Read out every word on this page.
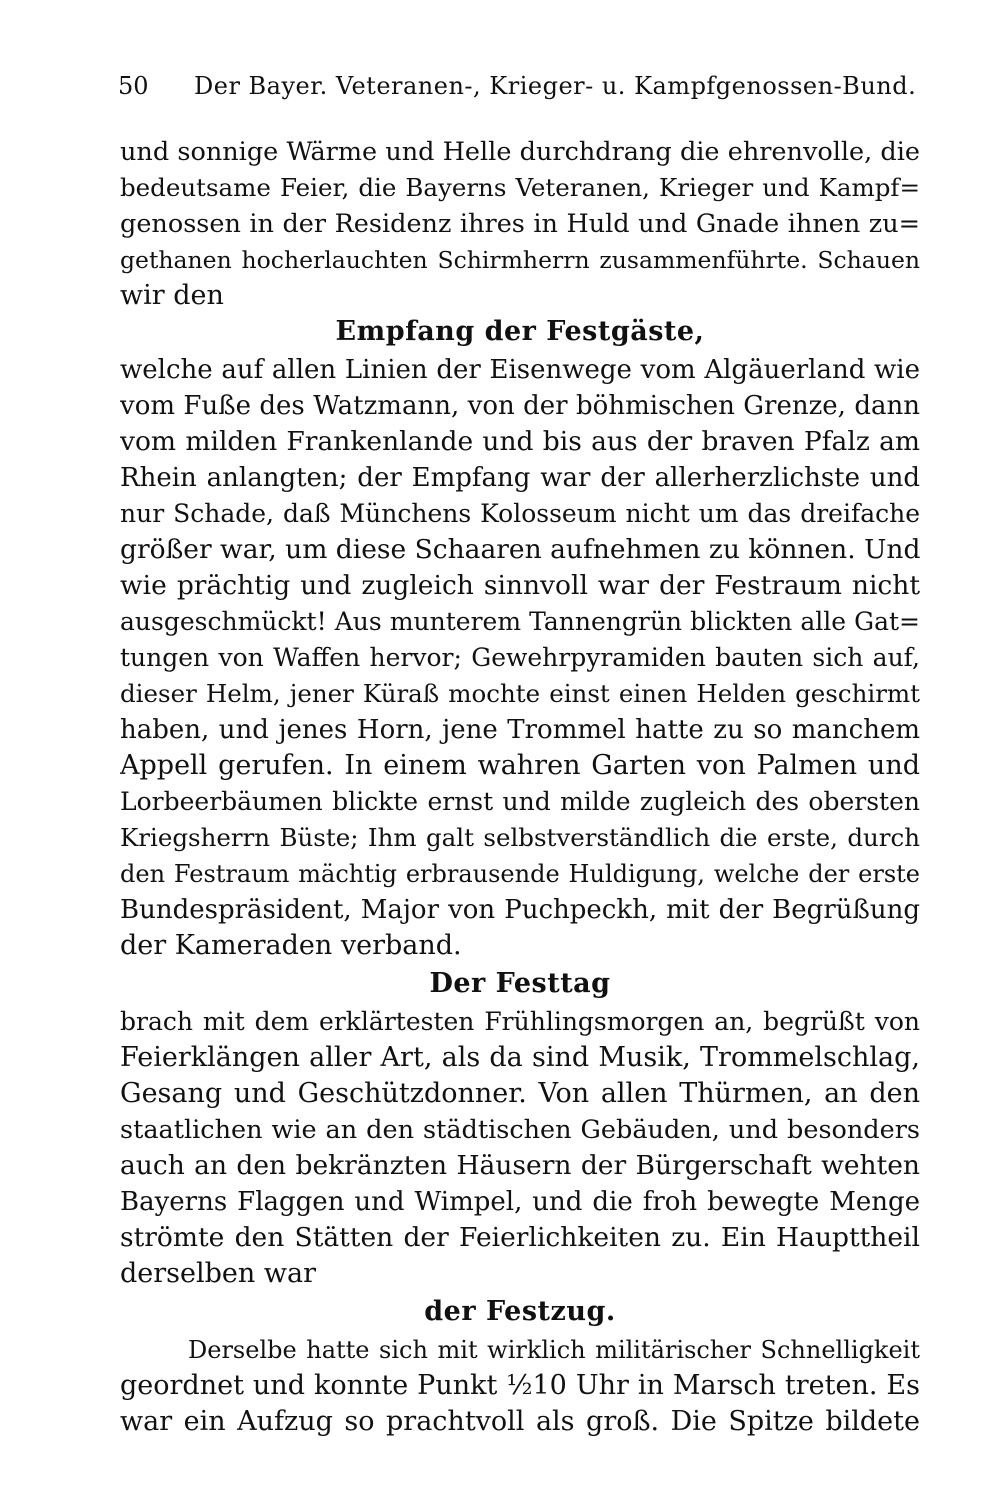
50 Der Bayer. Veteranen-, Krieger- u. Kampfgenossen-Bund.
und sonnige Wärme und Helle durchdrang die ehrenvolle, die
bedeutsame Feier, die Bayerns Veteranen, Krieger und Kampf=
genossen in der Residenz ihres in Huld und Gnade ihnen zu=
gethanen hocherlauchten Schirmherrn zusammenführte. Schauen
wir den
Empfang der Festgäste,
welche auf allen Linien der Eisenwege vom Algäuerland wie
vom Fuße des Watzmann, von der böhmischen Grenze, dann
vom milden Frankenlande und bis aus der braven Pfalz am
Rhein anlangten; der Empfang war der allerherzlichste und
nur Schade, daß Münchens Kolosseum nicht um das dreifache
größer war, um diese Schaaren aufnehmen zu können. Und
wie prächtig und zugleich sinnvoll war der Festraum nicht
ausgeschmückt! Aus munterem Tannengrün blickten alle Gat=
tungen von Waffen hervor; Gewehrpyramiden bauten sich auf,
dieser Helm, jener Küraß mochte einst einen Helden geschirmt
haben, und jenes Horn, jene Trommel hatte zu so manchem
Appell gerufen. In einem wahren Garten von Palmen und
Lorbeerbäumen blickte ernst und milde zugleich des obersten
Kriegsherrn Büste; Ihm galt selbstverständlich die erste, durch
den Festraum mächtig erbrausende Huldigung, welche der erste
Bundespräsident, Major von Puchpeckh, mit der Begrüßung
der Kameraden verband.
Der Festtag
brach mit dem erklärtesten Frühlingsmorgen an, begrüßt von
Feierklängen aller Art, als da sind Musik, Trommelschlag,
Gesang und Geschützdonner. Von allen Thürmen, an den
staatlichen wie an den städtischen Gebäuden, und besonders
auch an den bekränzten Häusern der Bürgerschaft wehten
Bayerns Flaggen und Wimpel, und die froh bewegte Menge
strömte den Stätten der Feierlichkeiten zu. Ein Haupttheil
derselben war
der Festzug.
Derselbe hatte sich mit wirklich militärischer Schnelligkeit
geordnet und konnte Punkt ½10 Uhr in Marsch treten. Es
war ein Aufzug so prachtvoll als groß. Die Spitze bildete
